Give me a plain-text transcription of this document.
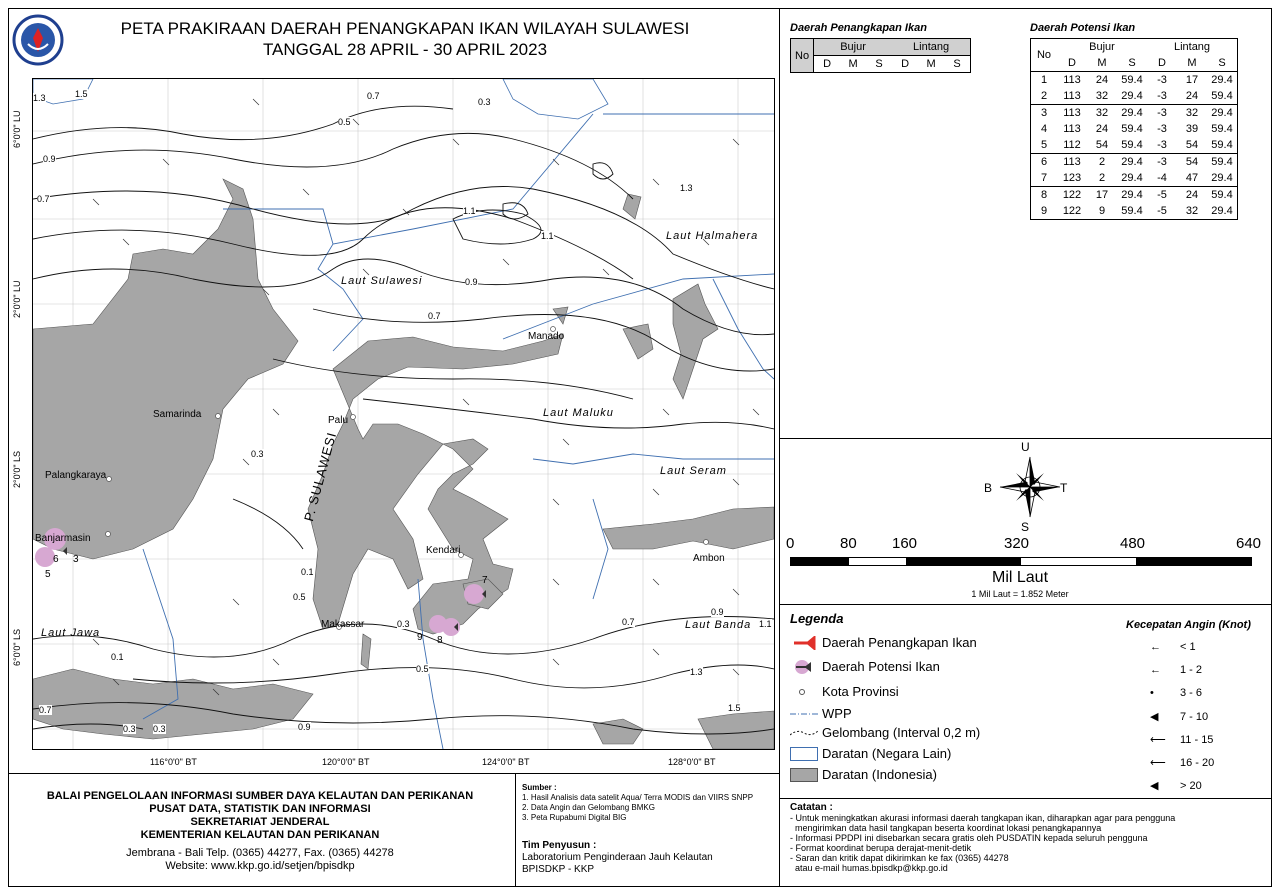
PETA PRAKIRAAN DAERAH PENANGKAPAN IKAN WILAYAH SULAWESI
TANGGAL 28 APRIL - 30 APRIL 2023
Samarinda
Palangkaraya
Banjarmasin
Palu
Manado
Kendari
Makassar
Ambon
Laut Sulawesi
Laut Halmahera
Laut Maluku
Laut Seram
Laut Jawa
Laut Banda
P. SULAWESI
1.3	1.5	0.7
0.5
0.3
0.9
0.7
1.1
0.9
0.7
1.3
1.1
0.3
0.1
0.3
0.5
0.7
0.9
1.1
1.3
1.5
0.9
0.7
0.1
0.3
0.5
0.3
5
6 3
7
9 8
116°0'0" BT	120°0'0" BT	124°0'0" BT	128°0'0" BT
6°0'0" LU
2°0'0" LU
2°0'0" LS
6°0'0" LS
Daerah Penangkapan Ikan
No	Bujur			Lintang		
	D	M	S	D	M	S
Daerah Potensi Ikan
No	Bujur			Lintang		
	D	M	S	D	M	S
1	113	24	59.4	-3	17	29.4
2	113	32	29.4	-3	24	59.4
3	113	32	29.4	-3	32	29.4
4	113	24	59.4	-3	39	59.4
5	112	54	59.4	-3	54	59.4
6	113	2	29.4	-3	54	59.4
7	123	2	29.4	-4	47	29.4
8	122	17	29.4	-5	24	59.4
9	122	9	59.4	-5	32	29.4
U
S
B	T
0	80 160	320	480	640
Mil Laut
1 Mil Laut = 1.852 Meter
Legenda
Daerah Penangkapan Ikan
Daerah Potensi Ikan
Kota Provinsi
WPP
Gelombang (Interval 0,2 m)
Daratan (Negara Lain)
Daratan (Indonesia)
Kecepatan Angin (Knot)
←	< 1
←	1 - 2
•	3 - 6
◀	7 - 10
⟵	11 - 15
⟵	16 - 20
◀	> 20
BALAI PENGELOLAAN INFORMASI SUMBER DAYA KELAUTAN DAN PERIKANAN
PUSAT DATA, STATISTIK DAN INFORMASI
SEKRETARIAT JENDERAL
KEMENTERIAN KELAUTAN DAN PERIKANAN
Jembrana - Bali Telp. (0365) 44277, Fax. (0365) 44278
Website: www.kkp.go.id/setjen/bpisdkp
Sumber :
1. Hasil Analisis data satelit Aqua/ Terra MODIS dan VIIRS SNPP
2. Data Angin dan Gelombang BMKG
3. Peta Rupabumi Digital BIG
Tim Penyusun :
Laboratorium Penginderaan Jauh Kelautan
BPISDKP - KKP
Catatan :
- Untuk meningkatkan akurasi informasi daerah tangkapan ikan, diharapkan agar para pengguna
mengirimkan data hasil tangkapan beserta koordinat lokasi penangkapannya
- Informasi PPDPI ini disebarkan secara gratis oleh PUSDATIN kepada seluruh pengguna
- Format koordinat berupa derajat-menit-detik
- Saran dan kritik dapat dikirimkan ke fax (0365) 44278
atau e-mail humas.bpisdkp@kkp.go.id
